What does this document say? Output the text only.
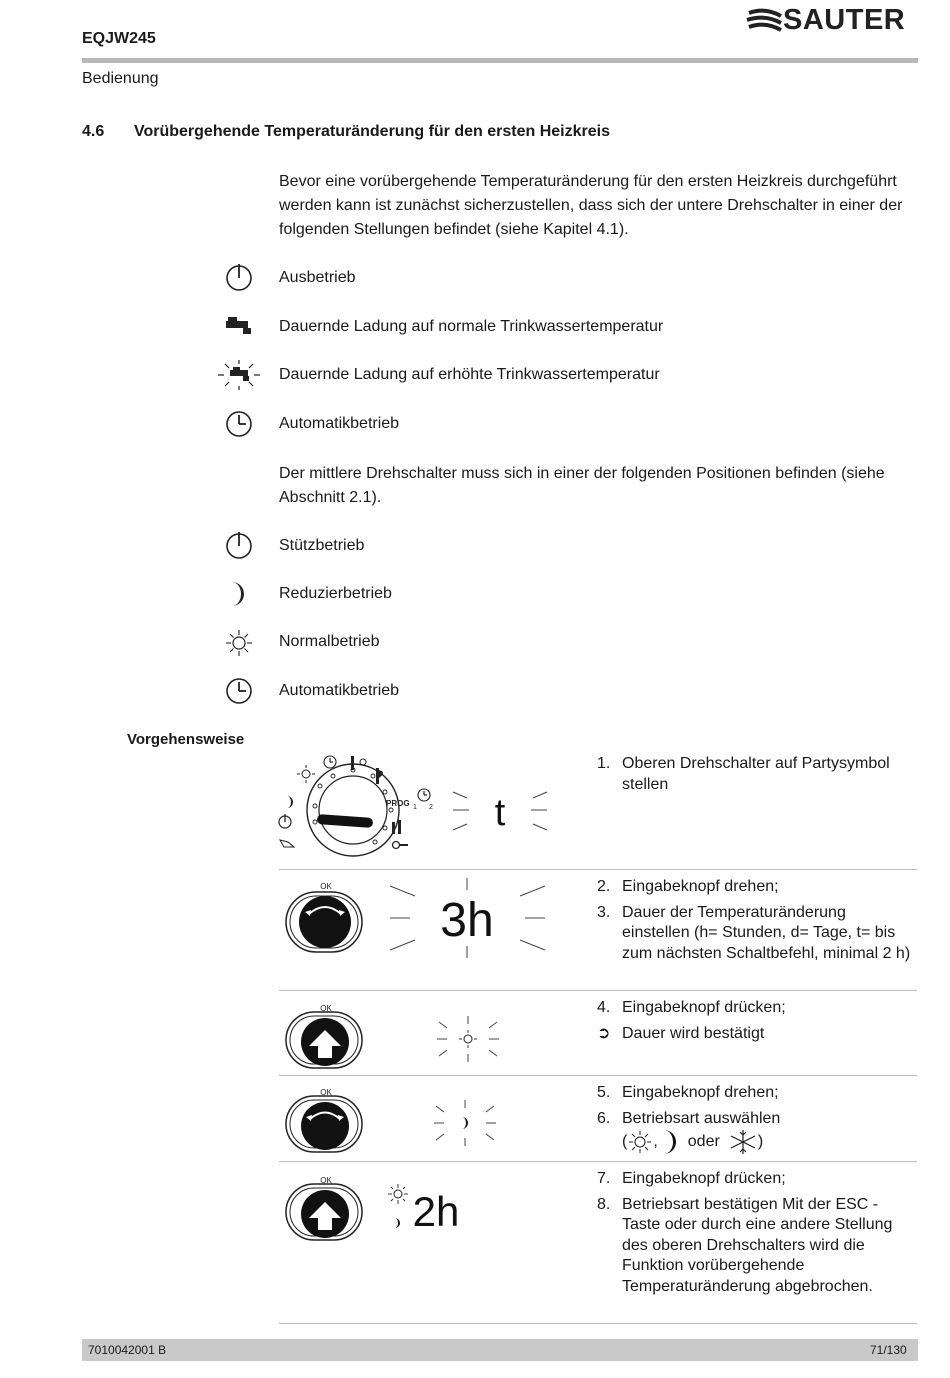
EQJW245
SAUTER
Bedienung
4.6 Vorübergehende Temperaturänderung für den ersten Heizkreis
Bevor eine vorübergehende Temperaturänderung für den ersten Heizkreis durchgeführt werden kann ist zunächst sicherzustellen, dass sich der untere Drehschalter in einer der folgenden Stellungen befindet (siehe Kapitel 4.1).
Ausbetrieb
Dauernde Ladung auf normale Trinkwassertemperatur
Dauernde Ladung auf erhöhte Trinkwassertemperatur
Automatikbetrieb
Der mittlere Drehschalter muss sich in einer der folgenden Positionen befinden (siehe Abschnitt 2.1).
Stützbetrieb
Reduzierbetrieb
Normalbetrieb
Automatikbetrieb
Vorgehensweise
PROG 1 2 t
1. Oberen Drehschalter auf Partysymbol stellen
OK
3h
2. Eingabeknopf drehen;
3. Dauer der Temperaturänderung einstellen (h= Stunden, d= Tage, t= bis zum nächsten Schaltbefehl, minimal 2 h)
OK	4. Eingabeknopf drücken;
➲ Dauer wird bestätigt
OK	5. Eingabeknopf drehen;
6. Betriebsart auswählen
( , oder )
OK
2h
7. Eingabeknopf drücken;
8. Betriebsart bestätigen Mit der ESC - Taste oder durch eine andere Stellung des oberen Drehschalters wird die Funktion vorübergehende Temperaturänderung abgebrochen.
7010042001 B	71/130
